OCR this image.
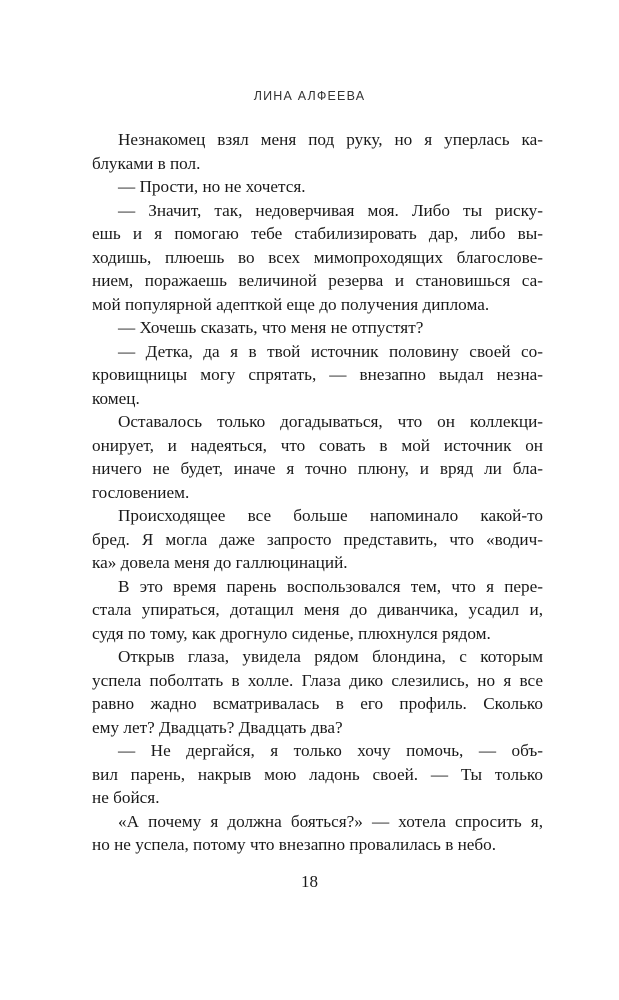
ЛИНА АЛФЕЕВА
Незнакомец взял меня под руку, но я уперлась ка-
блуками в пол.
— Прости, но не хочется.
— Значит, так, недоверчивая моя. Либо ты риску-
ешь и я помогаю тебе стабилизировать дар, либо вы-
ходишь, плюешь во всех мимопроходящих благослове-
нием, поражаешь величиной резерва и становишься са-
мой популярной адепткой еще до получения диплома.
— Хочешь сказать, что меня не отпустят?
— Детка, да я в твой источник половину своей со-
кровищницы могу спрятать, — внезапно выдал незна-
комец.
Оставалось только догадываться, что он коллекци-
онирует, и надеяться, что совать в мой источник он
ничего не будет, иначе я точно плюну, и вряд ли бла-
гословением.
Происходящее все больше напоминало какой-то
бред. Я могла даже запросто представить, что «водич-
ка» довела меня до галлюцинаций.
В это время парень воспользовался тем, что я пере-
стала упираться, дотащил меня до диванчика, усадил и,
судя по тому, как дрогнуло сиденье, плюхнулся рядом.
Открыв глаза, увидела рядом блондина, с которым
успела поболтать в холле. Глаза дико слезились, но я все
равно жадно всматривалась в его профиль. Сколько
ему лет? Двадцать? Двадцать два?
— Не дергайся, я только хочу помочь, — объ-
вил парень, накрыв мою ладонь своей. — Ты только
не бойся.
«А почему я должна бояться?» — хотела спросить я,
но не успела, потому что внезапно провалилась в небо.
18
